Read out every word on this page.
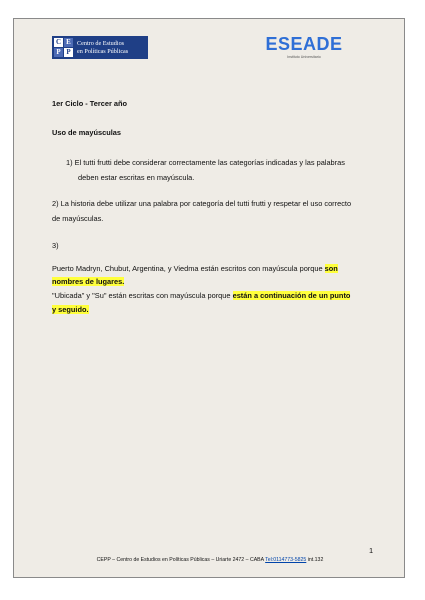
C E
P P
Centro de Estudios
en Políticas Públicas	ESEADE
Instituto Universitario
1er Ciclo - Tercer año
Uso de mayúsculas
1) El tutti frutti debe considerar correctamente las categorías indicadas y las palabras
deben estar escritas en mayúscula.
2) La historia debe utilizar una palabra por categoría del tutti frutti y respetar el uso correcto
de mayúsculas.
3)
Puerto Madryn, Chubut, Argentina, y Viedma están escritos con mayúscula porque son
nombres de lugares.
"Ubicada" y "Su" están escritas con mayúscula porque están a continuación de un punto
y seguido.
1
CEPP – Centro de Estudios en Políticas Públicas – Uriarte 2472 – CABA Tel:0114773-5825 int.132
